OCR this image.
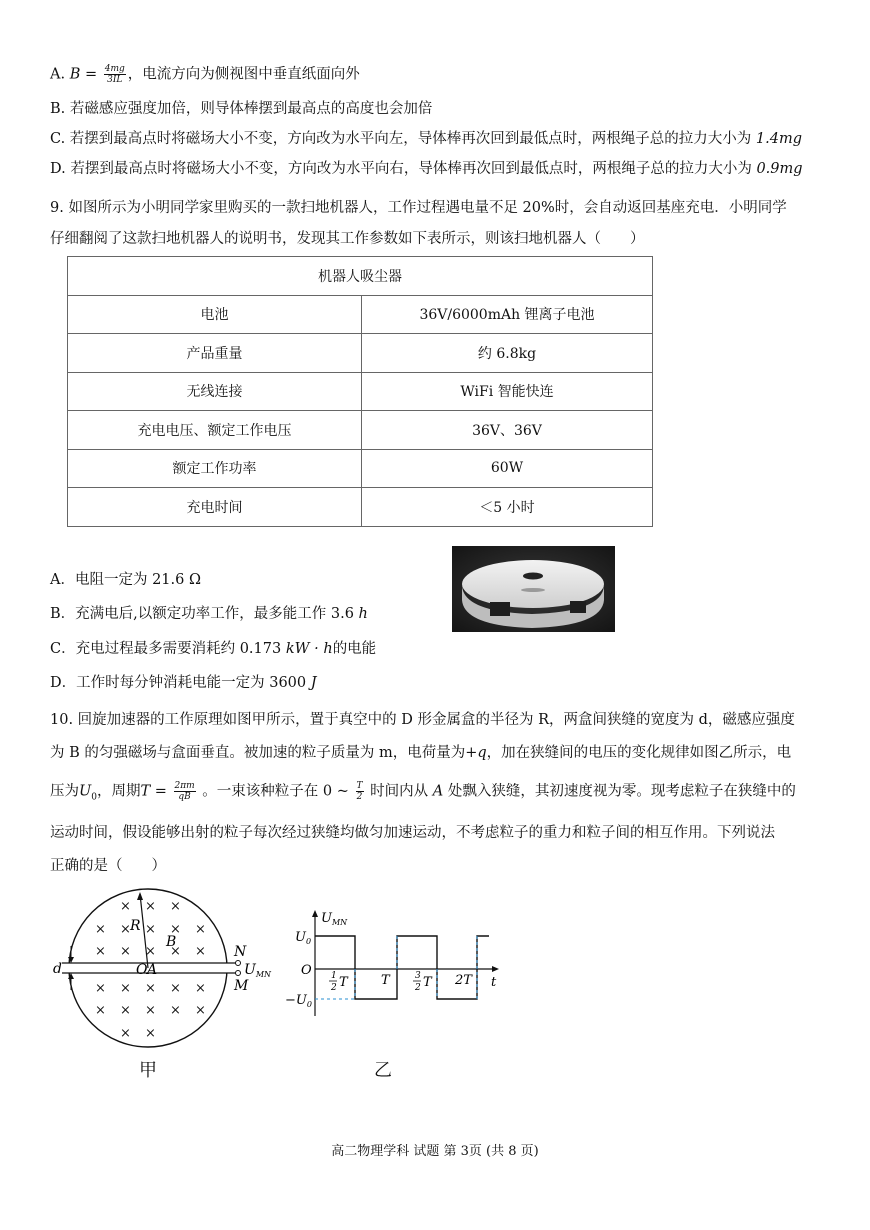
A. $B = \frac{4mg}{3IL}$ ，电流方向为侧视图中垂直纸面向外
B. 若磁感应强度加倍，则导体棒摆到最高点的高度也会加倍
C. 若摆到最高点时将磁场大小不变，方向改为水平向左，导体棒再次回到最低点时，两根绳子总的拉力大小为 1.4mg
D. 若摆到最高点时将磁场大小不变，方向改为水平向右，导体棒再次回到最低点时，两根绳子总的拉力大小为 0.9mg
9. 如图所示为小明同学家里购买的一款扫地机器人，工作过程遇电量不足 20%时，会自动返回基座充电．小明同学
仔细翻阅了这款扫地机器人的说明书，发现其工作参数如下表所示，则该扫地机器人（　　）
机器人吸尘器	
电池	36V/6000mAh 锂离子电池
产品重量	约 6.8kg
无线连接	WiFi 智能快连
充电电压、额定工作电压	36V、36V
额定工作功率	60W
充电时间	＜5 小时
A．电阻一定为 21.6 Ω
B．充满电后,以额定功率工作，最多能工作 3.6 h
C．充电过程最多需要消耗约 0.173 kW · h的电能
D．工作时每分钟消耗电能一定为 3600 J
10. 回旋加速器的工作原理如图甲所示，置于真空中的 D 形金属盒的半径为 R，两盒间狭缝的宽度为 d，磁感应强度
为 B 的匀强磁场与盒面垂直。被加速的粒子质量为 m，电荷量为+q，加在狭缝间的电压的变化规律如图乙所示，电
压为$U_0$，周期$T = \frac{2\pi m}{qB}$ 。一束该种粒子在 0 ~ $\frac{T}{2}$ 时间内从 A 处飘入狭缝，其初速度视为零。现考虑粒子在狭缝中的
运动时间，假设能够出射的粒子每次经过狭缝均做匀加速运动，不考虑粒子的重力和粒子间的相互作用。下列说法
正确的是（　　）
R
B
N
M
d	O A	$U_{MN}$
× × ×
× × × × ×
× × × × ×
× × × × ×
× × × × ×
× ×
甲
$U_{MN}$
$U_0$
O
$-U_0$
1
2 T	T	3
2 T 2T t
乙
高二物理学科 试题 第 3页 (共 8 页)
